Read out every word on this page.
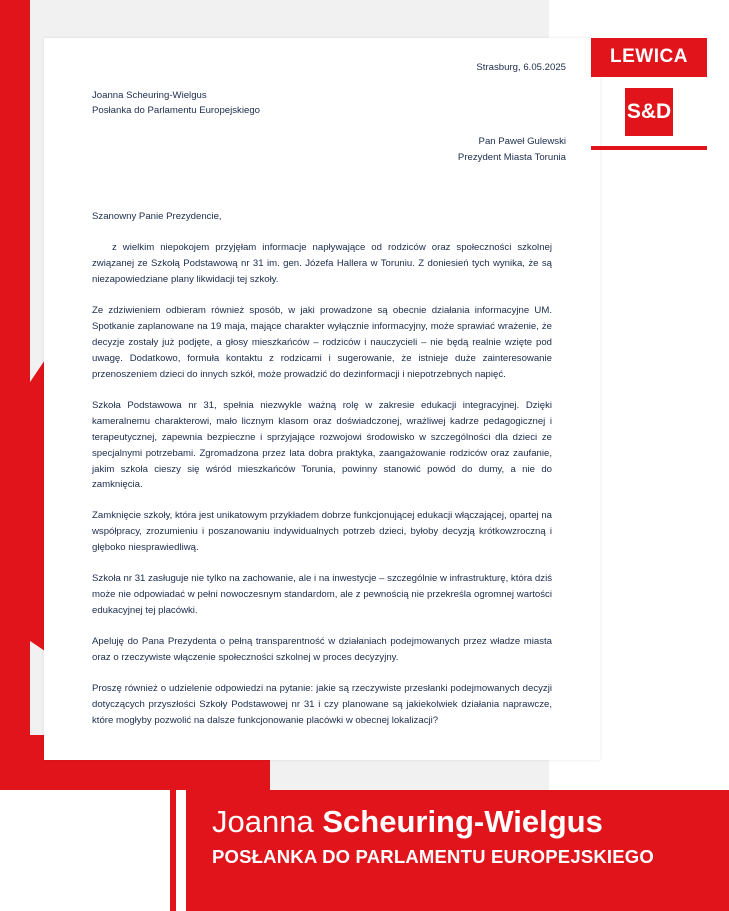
Strasburg, 6.05.2025
Joanna Scheuring-Wielgus
Posłanka do Parlamentu Europejskiego
Pan Paweł Gulewski
Prezydent Miasta Torunia
Szanowny Panie Prezydencie,

z wielkim niepokojem przyjęłam informacje napływające od rodziców oraz społeczności szkolnej związanej ze Szkołą Podstawową nr 31 im. gen. Józefa Hallera w Toruniu. Z doniesień tych wynika, że są niezapowiedziane plany likwidacji tej szkoły.

Ze zdziwieniem odbieram również sposób, w jaki prowadzone są obecnie działania informacyjne UM. Spotkanie zaplanowane na 19 maja, mające charakter wyłącznie informacyjny, może sprawiać wrażenie, że decyzje zostały już podjęte, a głosy mieszkańców – rodziców i nauczycieli – nie będą realnie wzięte pod uwagę. Dodatkowo, formuła kontaktu z rodzicami i sugerowanie, że istnieje duże zainteresowanie przenoszeniem dzieci do innych szkół, może prowadzić do dezinformacji i niepotrzebnych napięć.

Szkoła Podstawowa nr 31, spełnia niezwykle ważną rolę w zakresie edukacji integracyjnej. Dzięki kameralnemu charakterowi, mało licznym klasom oraz doświadczonej, wrażliwej kadrze pedagogicznej i terapeutycznej, zapewnia bezpieczne i sprzyjające rozwojowi środowisko w szczególności dla dzieci ze specjalnymi potrzebami. Zgromadzona przez lata dobra praktyka, zaangażowanie rodziców oraz zaufanie, jakim szkoła cieszy się wśród mieszkańców Torunia, powinny stanowić powód do dumy, a nie do zamknięcia.

Zamknięcie szkoły, która jest unikatowym przykładem dobrze funkcjonującej edukacji włączającej, opartej na współpracy, zrozumieniu i poszanowaniu indywidualnych potrzeb dzieci, byłoby decyzją krótkowzroczną i głęboko niesprawiedliwą.

Szkoła nr 31 zasługuje nie tylko na zachowanie, ale i na inwestycje – szczególnie w infrastrukturę, która dziś może nie odpowiadać w pełni nowoczesnym standardom, ale z pewnością nie przekreśla ogromnej wartości edukacyjnej tej placówki.

Apeluję do Pana Prezydenta o pełną transparentność w działaniach podejmowanych przez władze miasta oraz o rzeczywiste włączenie społeczności szkolnej w proces decyzyjny.

Proszę również o udzielenie odpowiedzi na pytanie: jakie są rzeczywiste przesłanki podejmowanych decyzji dotyczących przyszłości Szkoły Podstawowej nr 31 i czy planowane są jakiekolwiek działania naprawcze, które mogłyby pozwolić na dalsze funkcjonowanie placówki w obecnej lokalizacji?

LEWICA
S&D
Joanna Scheuring-Wielgus
POSŁANKA DO PARLAMENTU EUROPEJSKIEGO
